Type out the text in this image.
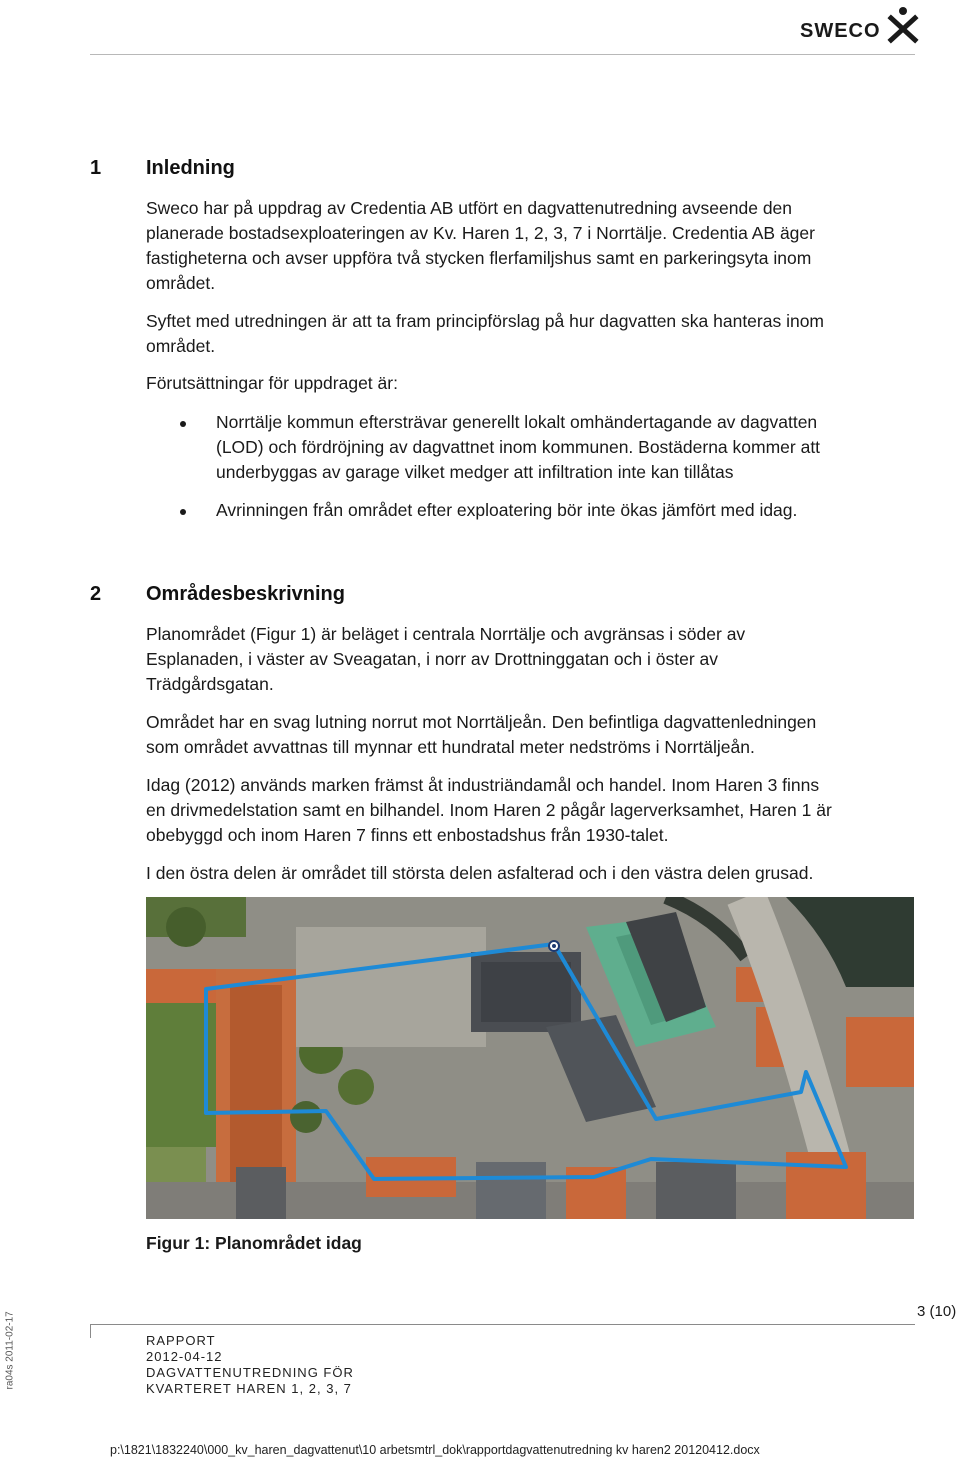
SWECO
1 Inledning
Sweco har på uppdrag av Credentia AB utfört en dagvattenutredning avseende den
planerade bostadsexploateringen av Kv. Haren 1, 2, 3, 7 i Norrtälje. Credentia AB äger
fastigheterna och avser uppföra två stycken flerfamiljshus samt en parkeringsyta inom
området.
Syftet med utredningen är att ta fram principförslag på hur dagvatten ska hanteras inom
området.
Förutsättningar för uppdraget är:
Norrtälje kommun eftersträvar generellt lokalt omhändertagande av dagvatten
(LOD) och fördröjning av dagvattnet inom kommunen. Bostäderna kommer att
underbyggas av garage vilket medger att infiltration inte kan tillåtas
Avrinningen från området efter exploatering bör inte ökas jämfört med idag.
2 Områdesbeskrivning
Planområdet (Figur 1) är beläget i centrala Norrtälje och avgränsas i söder av
Esplanaden, i väster av Sveagatan, i norr av Drottninggatan och i öster av
Trädgårdsgatan.
Området har en svag lutning norrut mot Norrtäljeån. Den befintliga dagvattenledningen
som området avvattnas till mynnar ett hundratal meter nedströms i Norrtäljeån.
Idag (2012) används marken främst åt industriändamål och handel. Inom Haren 3 finns
en drivmedelstation samt en bilhandel. Inom Haren 2 pågår lagerverksamhet, Haren 1 är
obebyggd och inom Haren 7 finns ett enbostadshus från 1930-talet.
I den östra delen är området till största delen asfalterad och i den västra delen grusad.
Figur 1: Planområdet idag
3 (10)
RAPPORT
2012-04-12
DAGVATTENUTREDNING FÖR
KVARTERET HAREN 1, 2, 3, 7
ra04s 2011-02-17
p:\1821\1832240\000_kv_haren_dagvattenut\10 arbetsmtrl_dok\rapportdagvattenutredning kv haren2 20120412.docx
